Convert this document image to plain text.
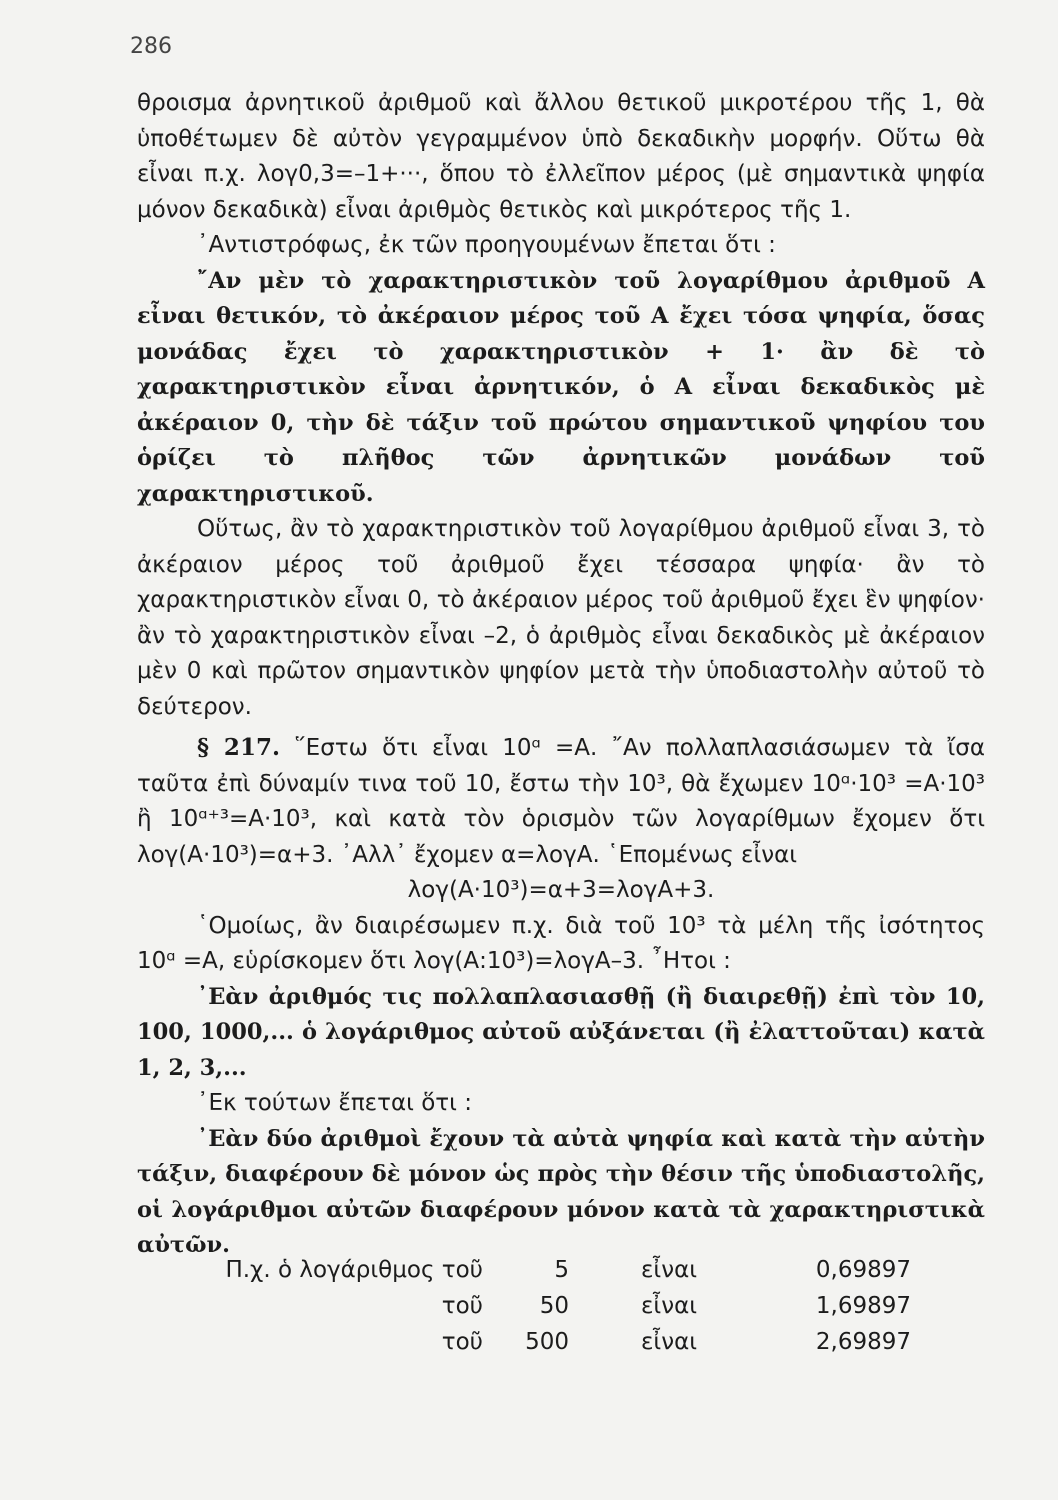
286

θροισμα ἀρνητικοῦ ἀριθμοῦ καὶ ἄλλου θετικοῦ μικροτέρου τῆς 1, θὰ ὑποθέτωμεν δὲ αὐτὸν γεγραμμένον ὑπὸ δεκαδικὴν μορφήν. Οὕτω θὰ εἶναι π.χ. λογ0,3=–1+···, ὅπου τὸ ἐλλεῖπον μέρος (μὲ σημαντικὰ ψηφία μόνον δεκαδικὰ) εἶναι ἀριθμὸς θετικὸς καὶ μικρότερος τῆς 1.

᾿Αντιστρόφως, ἐκ τῶν προηγουμένων ἔπεται ὅτι :

῎Αν μὲν τὸ χαρακτηριστικὸν τοῦ λογαρίθμου ἀριθμοῦ Α εἶναι θετικόν, τὸ ἀκέραιον μέρος τοῦ Α ἔχει τόσα ψηφία, ὅσας μονάδας ἔχει τὸ χαρακτηριστικὸν + 1· ἂν δὲ τὸ χαρακτηριστικὸν εἶναι ἀρνητικόν, ὁ Α εἶναι δεκαδικὸς μὲ ἀκέραιον 0, τὴν δὲ τάξιν τοῦ πρώτου σημαντικοῦ ψηφίου του ὁρίζει τὸ πλῆθος τῶν ἀρνητικῶν μονάδων τοῦ χαρακτηριστικοῦ.

Οὕτως, ἂν τὸ χαρακτηριστικὸν τοῦ λογαρίθμου ἀριθμοῦ εἶναι 3, τὸ ἀκέραιον μέρος τοῦ ἀριθμοῦ ἔχει τέσσαρα ψηφία· ἂν τὸ χαρακτηριστικὸν εἶναι 0, τὸ ἀκέραιον μέρος τοῦ ἀριθμοῦ ἔχει ἓν ψηφίον· ἂν τὸ χαρακτηριστικὸν εἶναι –2, ὁ ἀριθμὸς εἶναι δεκαδικὸς μὲ ἀκέραιον μὲν 0 καὶ πρῶτον σημαντικὸν ψηφίον μετὰ τὴν ὑποδιαστολὴν αὐτοῦ τὸ δεύτερον.

§ 217. ῞Εστω ὅτι εἶναι 10ᵅ =Α. ῎Αν πολλαπλασιάσωμεν τὰ ἴσα ταῦτα ἐπὶ δύναμίν τινα τοῦ 10, ἔστω τὴν 10³, θὰ ἔχωμεν 10ᵅ·10³ =Α·10³ ἢ 10ᵅ⁺³=Α·10³, καὶ κατὰ τὸν ὁρισμὸν τῶν λογαρίθμων ἔχομεν ὅτι λογ(Α·10³)=α+3. ᾿Αλλ᾿ ἔχομεν α=λογΑ. ῾Επομένως εἶναι

λογ(Α·10³)=α+3=λογΑ+3.

῾Ομοίως, ἂν διαιρέσωμεν π.χ. διὰ τοῦ 10³ τὰ μέλη τῆς ἰσότητος 10ᵅ =Α, εὑρίσκομεν ὅτι λογ(Α:10³)=λογΑ–3. ῏Ητοι :

᾿Εὰν ἀριθμός τις πολλαπλασιασθῇ (ἢ διαιρεθῇ) ἐπὶ τὸν 10, 100, 1000,... ὁ λογάριθμος αὐτοῦ αὐξάνεται (ἢ ἐλαττοῦται) κατὰ 1, 2, 3,...

᾿Εκ τούτων ἔπεται ὅτι :

᾿Εὰν δύο ἀριθμοὶ ἔχουν τὰ αὐτὰ ψηφία καὶ κατὰ τὴν αὐτὴν τάξιν, διαφέρουν δὲ μόνον ὡς πρὸς τὴν θέσιν τῆς ὑποδιαστολῆς, οἱ λογάριθμοι αὐτῶν διαφέρουν μόνον κατὰ τὰ χαρακτηριστικὰ αὐτῶν.

Π.χ. ὁ λογάριθμος τοῦ	5	εἶναι	0,69897
τοῦ	50	εἶναι	1,69897
τοῦ	500	εἶναι	2,69897
